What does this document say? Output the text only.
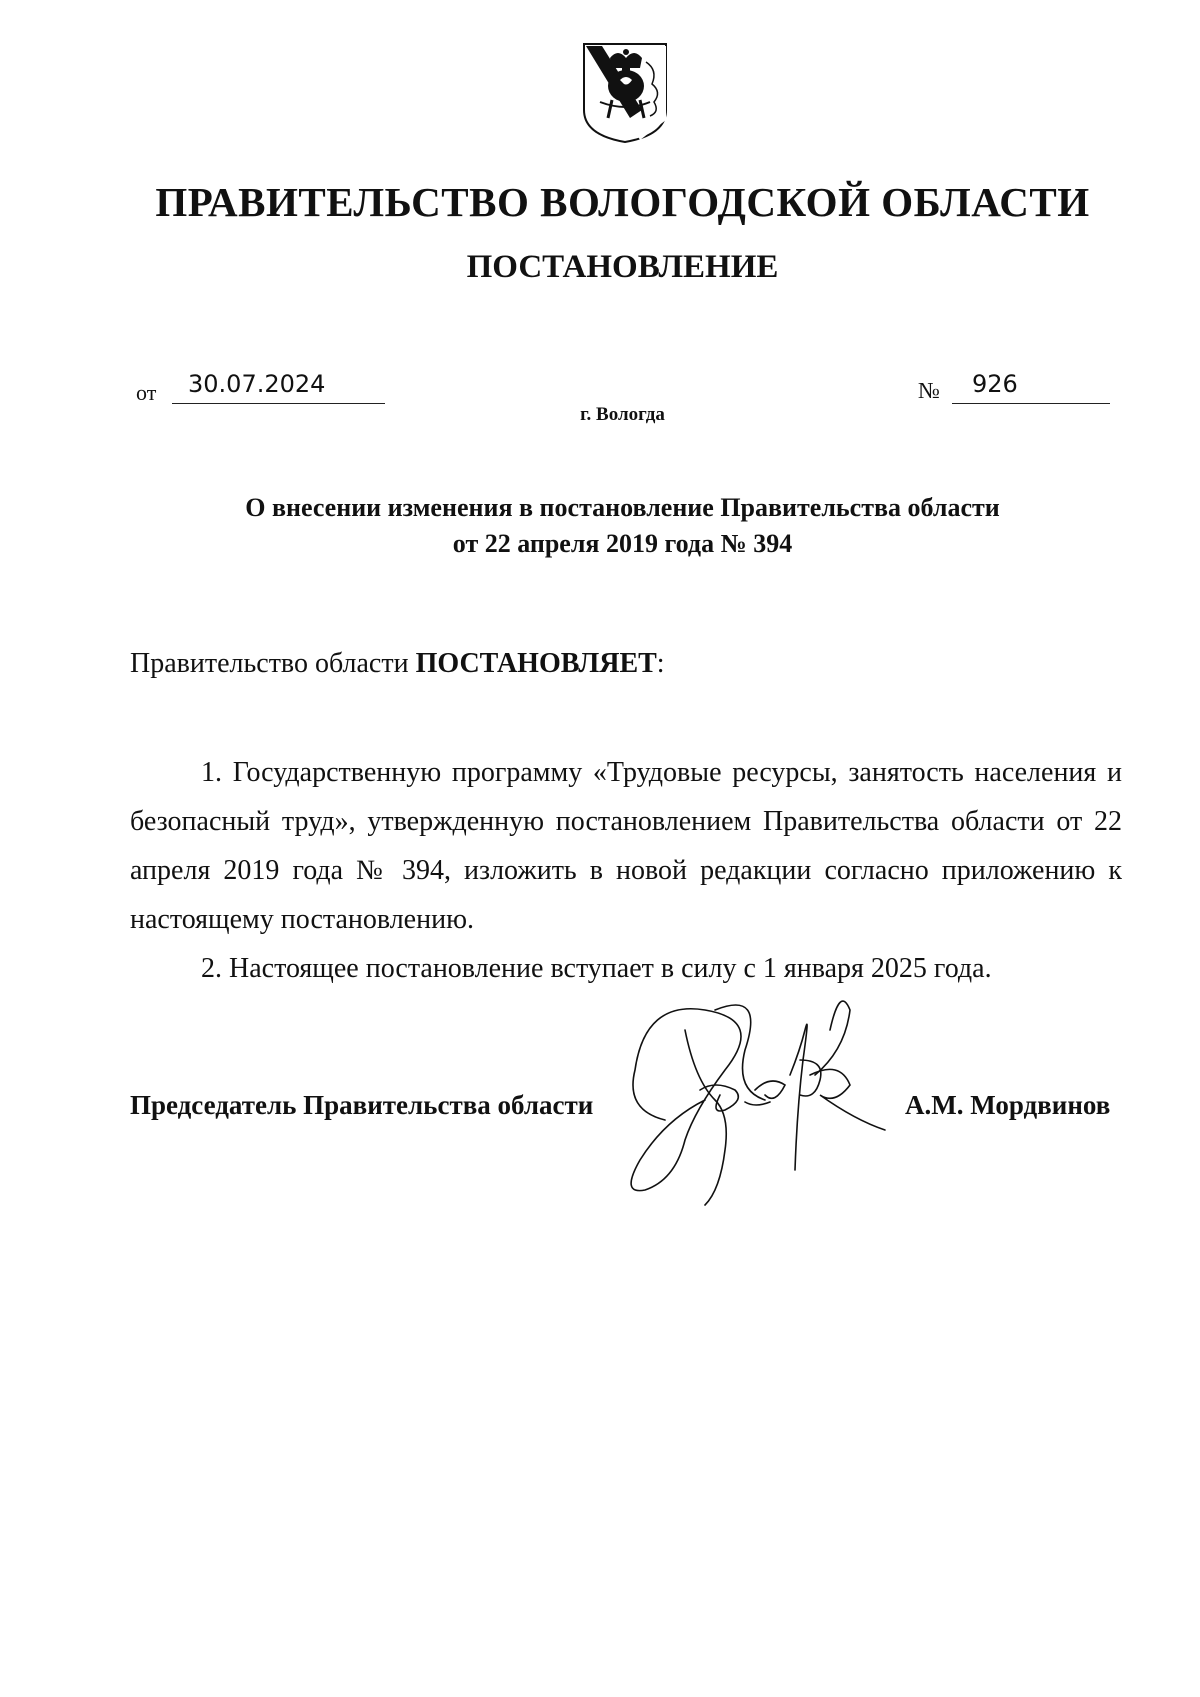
ПРАВИТЕЛЬСТВО ВОЛОГОДСКОЙ ОБЛАСТИ
ПОСТАНОВЛЕНИЕ
от	30.07.2024	№	926
г. Вологда
О внесении изменения в постановление Правительства области
от 22 апреля 2019 года № 394
Правительство области ПОСТАНОВЛЯЕТ:

1. Государственную программу «Трудовые ресурсы, занятость населения и безопасный труд», утвержденную постановлением Правительства области от 22 апреля 2019 года № 394, изложить в новой редакции согласно приложению к настоящему постановлению.

2. Настоящее постановление вступает в силу с 1 января 2025 года.

Председатель Правительства области	А.М. Мордвинов
